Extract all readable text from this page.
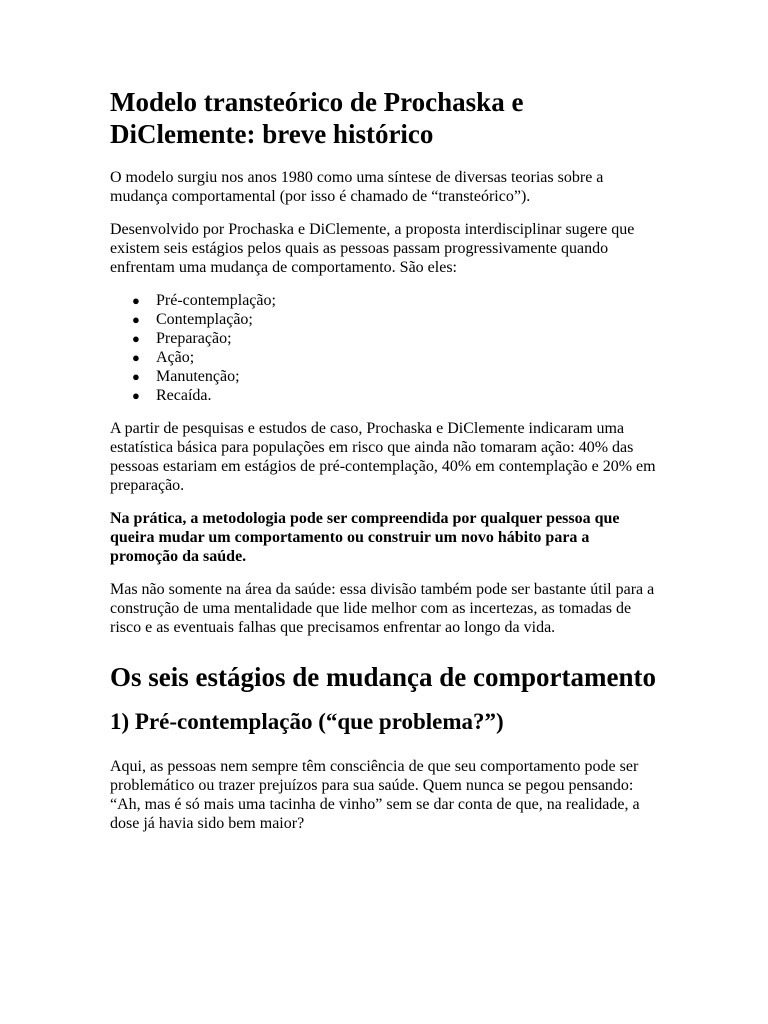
Modelo transteórico de Prochaska e DiClemente: breve histórico

O modelo surgiu nos anos 1980 como uma síntese de diversas teorias sobre a mudança comportamental (por isso é chamado de “transteórico”).

Desenvolvido por Prochaska e DiClemente, a proposta interdisciplinar sugere que existem seis estágios pelos quais as pessoas passam progressivamente quando enfrentam uma mudança de comportamento. São eles:

● Pré-contemplação;
● Contemplação;
● Preparação;
● Ação;
● Manutenção;
● Recaída.

A partir de pesquisas e estudos de caso, Prochaska e DiClemente indicaram uma estatística básica para populações em risco que ainda não tomaram ação: 40% das pessoas estariam em estágios de pré-contemplação, 40% em contemplação e 20% em preparação.

Na prática, a metodologia pode ser compreendida por qualquer pessoa que queira mudar um comportamento ou construir um novo hábito para a promoção da saúde.

Mas não somente na área da saúde: essa divisão também pode ser bastante útil para a construção de uma mentalidade que lide melhor com as incertezas, as tomadas de risco e as eventuais falhas que precisamos enfrentar ao longo da vida.

Os seis estágios de mudança de comportamento
1) Pré-contemplação (“que problema?”)

Aqui, as pessoas nem sempre têm consciência de que seu comportamento pode ser problemático ou trazer prejuízos para sua saúde. Quem nunca se pegou pensando: “Ah, mas é só mais uma tacinha de vinho” sem se dar conta de que, na realidade, a dose já havia sido bem maior?
